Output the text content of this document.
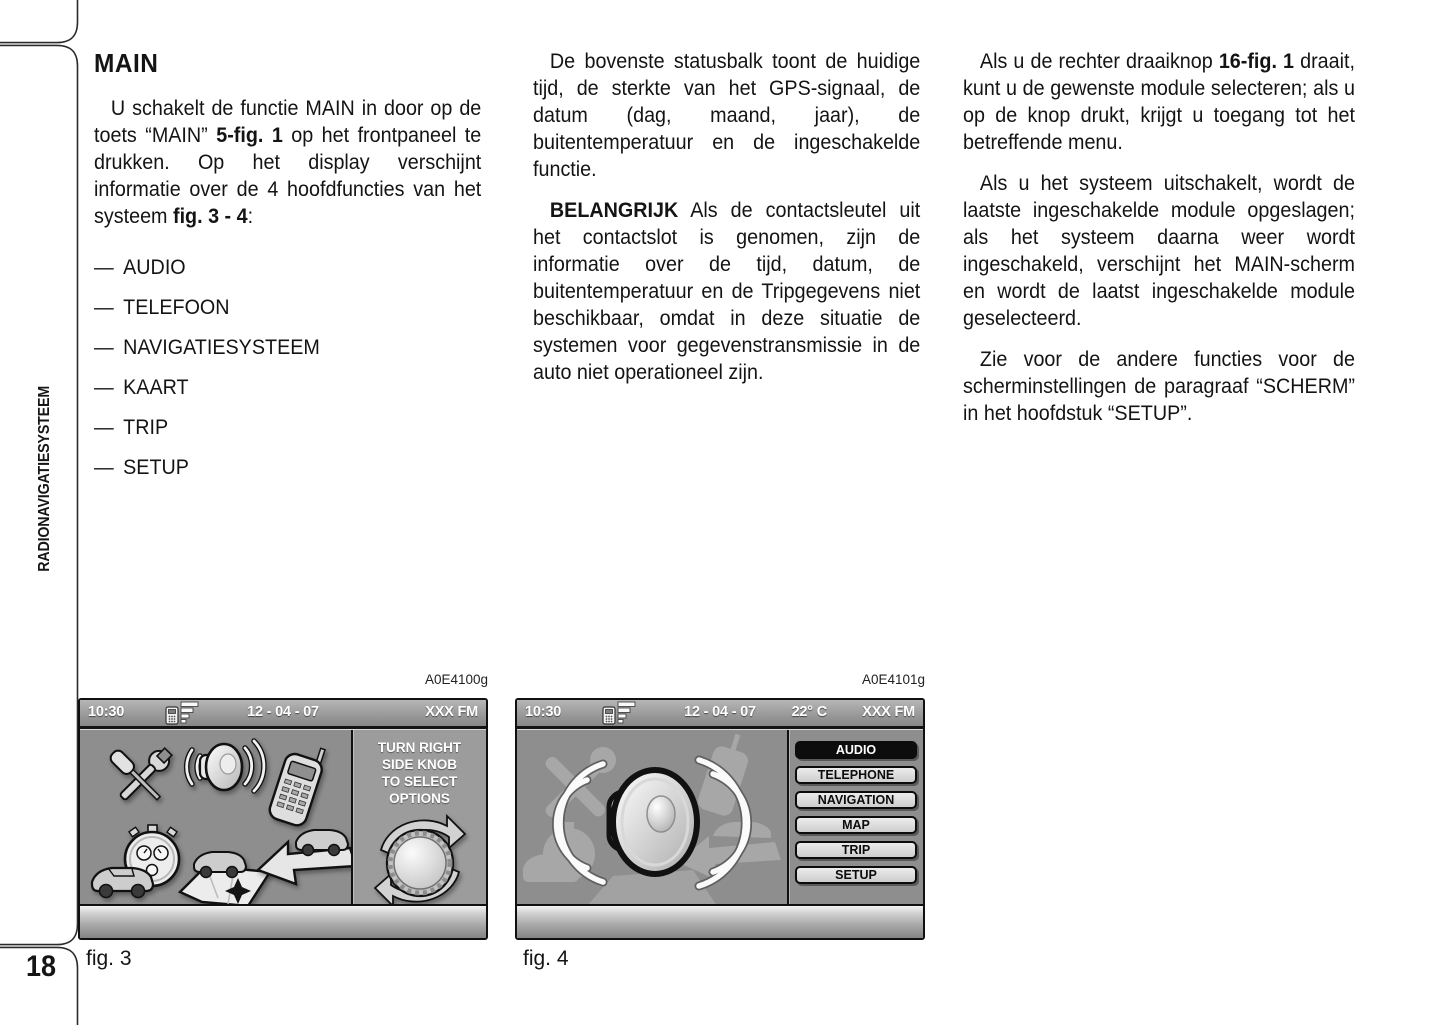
RADIONAVIGATIESYSTEEM
18
MAIN

U schakelt de functie MAIN in door op de toets “MAIN” 5-fig. 1 op het frontpaneel te drukken. Op het display verschijnt informatie over de 4 hoofdfuncties van het systeem fig. 3 - 4:

— AUDIO
— TELEFOON
— NAVIGATIESYSTEEM
— KAART
— TRIP
— SETUP

De bovenste statusbalk toont de huidige tijd, de sterkte van het GPS-signaal, de datum (dag, maand, jaar), de buitentemperatuur en de ingeschakelde functie.

BELANGRIJK Als de contactsleutel uit het contactslot is genomen, zijn de informatie over de tijd, datum, de buitentemperatuur en de Tripgegevens niet beschikbaar, omdat in deze situatie de systemen voor gegevenstransmissie in de auto niet operationeel zijn.

Als u de rechter draaiknop 16-fig. 1 draait, kunt u de gewenste module selecteren; als u op de knop drukt, krijgt u toegang tot het betreffende menu.

Als u het systeem uitschakelt, wordt de laatste ingeschakelde module opgeslagen; als het systeem daarna weer wordt ingeschakeld, verschijnt het MAIN-scherm en wordt de laatst ingeschakelde module geselecteerd.

Zie voor de andere functies voor de scherminstellingen de paragraaf “SCHERM” in het hoofdstuk “SETUP”.

A0E4100g
10:30	12 - 04 - 07	XXX FM
TURN RIGHT
SIDE KNOB
TO SELECT
OPTIONS
fig. 3
A0E4101g
10:30	12 - 04 - 07 22° C XXX FM
AUDIO
TELEPHONE
NAVIGATION
MAP
TRIP
SETUP
fig. 4
